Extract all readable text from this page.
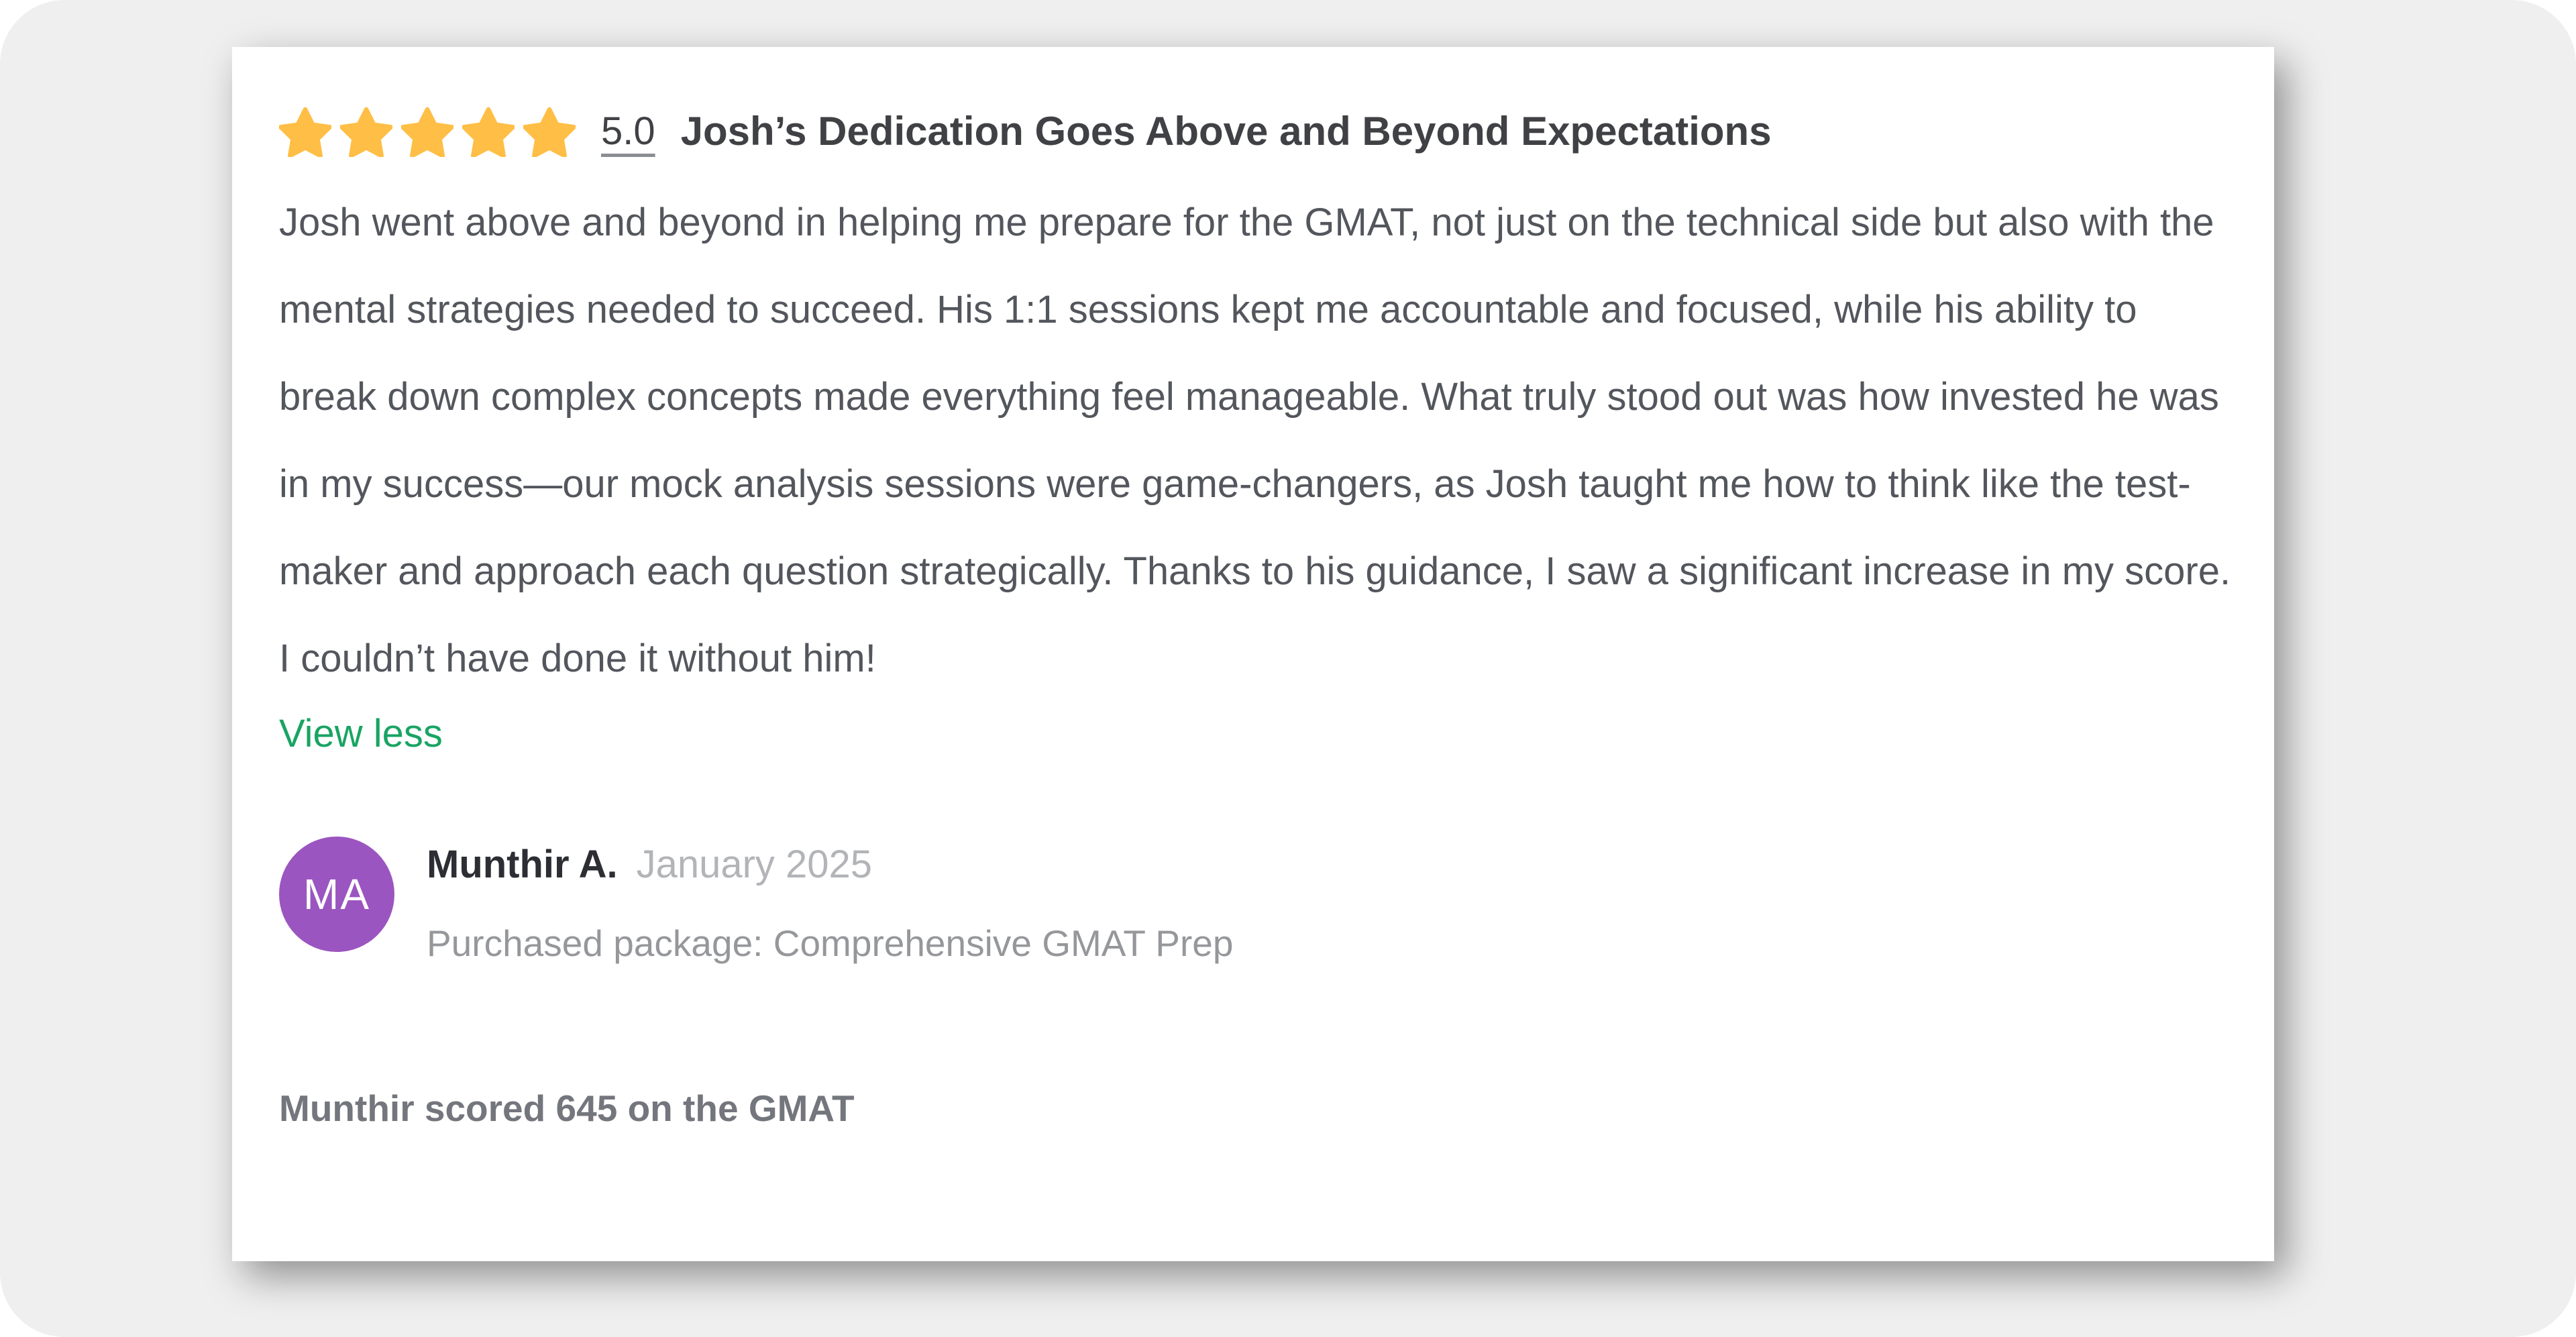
5.0 Josh’s Dedication Goes Above and Beyond Expectations

Josh went above and beyond in helping me prepare for the GMAT, not just on the technical side but also with the mental strategies needed to succeed. His 1:1 sessions kept me accountable and focused, while his ability to break down complex concepts made everything feel manageable. What truly stood out was how invested he was in my success—our mock analysis sessions were game-changers, as Josh taught me how to think like the test-maker and approach each question strategically. Thanks to his guidance, I saw a significant increase in my score. I couldn’t have done it without him!

View less
MA
Munthir A. January 2025
Purchased package: Comprehensive GMAT Prep
Munthir scored 645 on the GMAT
